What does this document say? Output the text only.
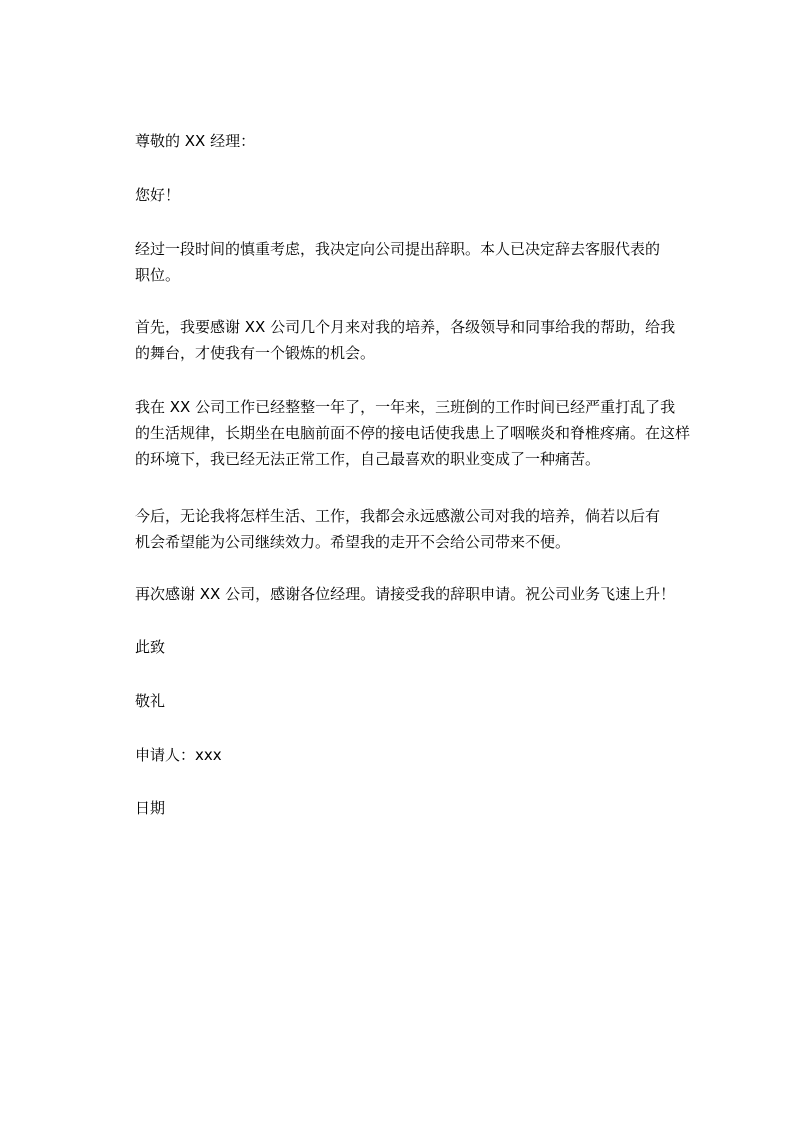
尊敬的 XX 经理：
您好！
经过一段时间的慎重考虑，我决定向公司提出辞职。本人已决定辞去客服代表的
职位。
首先，我要感谢 XX 公司几个月来对我的培养，各级领导和同事给我的帮助，给我
的舞台，才使我有一个锻炼的机会。
我在 XX 公司工作已经整整一年了，一年来，三班倒的工作时间已经严重打乱了我
的生活规律，长期坐在电脑前面不停的接电话使我患上了咽喉炎和脊椎疼痛。在这样
的环境下，我已经无法正常工作，自己最喜欢的职业变成了一种痛苦。
今后，无论我将怎样生活、工作，我都会永远感激公司对我的培养，倘若以后有
机会希望能为公司继续效力。希望我的走开不会给公司带来不便。
再次感谢 XX 公司，感谢各位经理。请接受我的辞职申请。祝公司业务飞速上升！
此致
敬礼
申请人：xxx
日期
